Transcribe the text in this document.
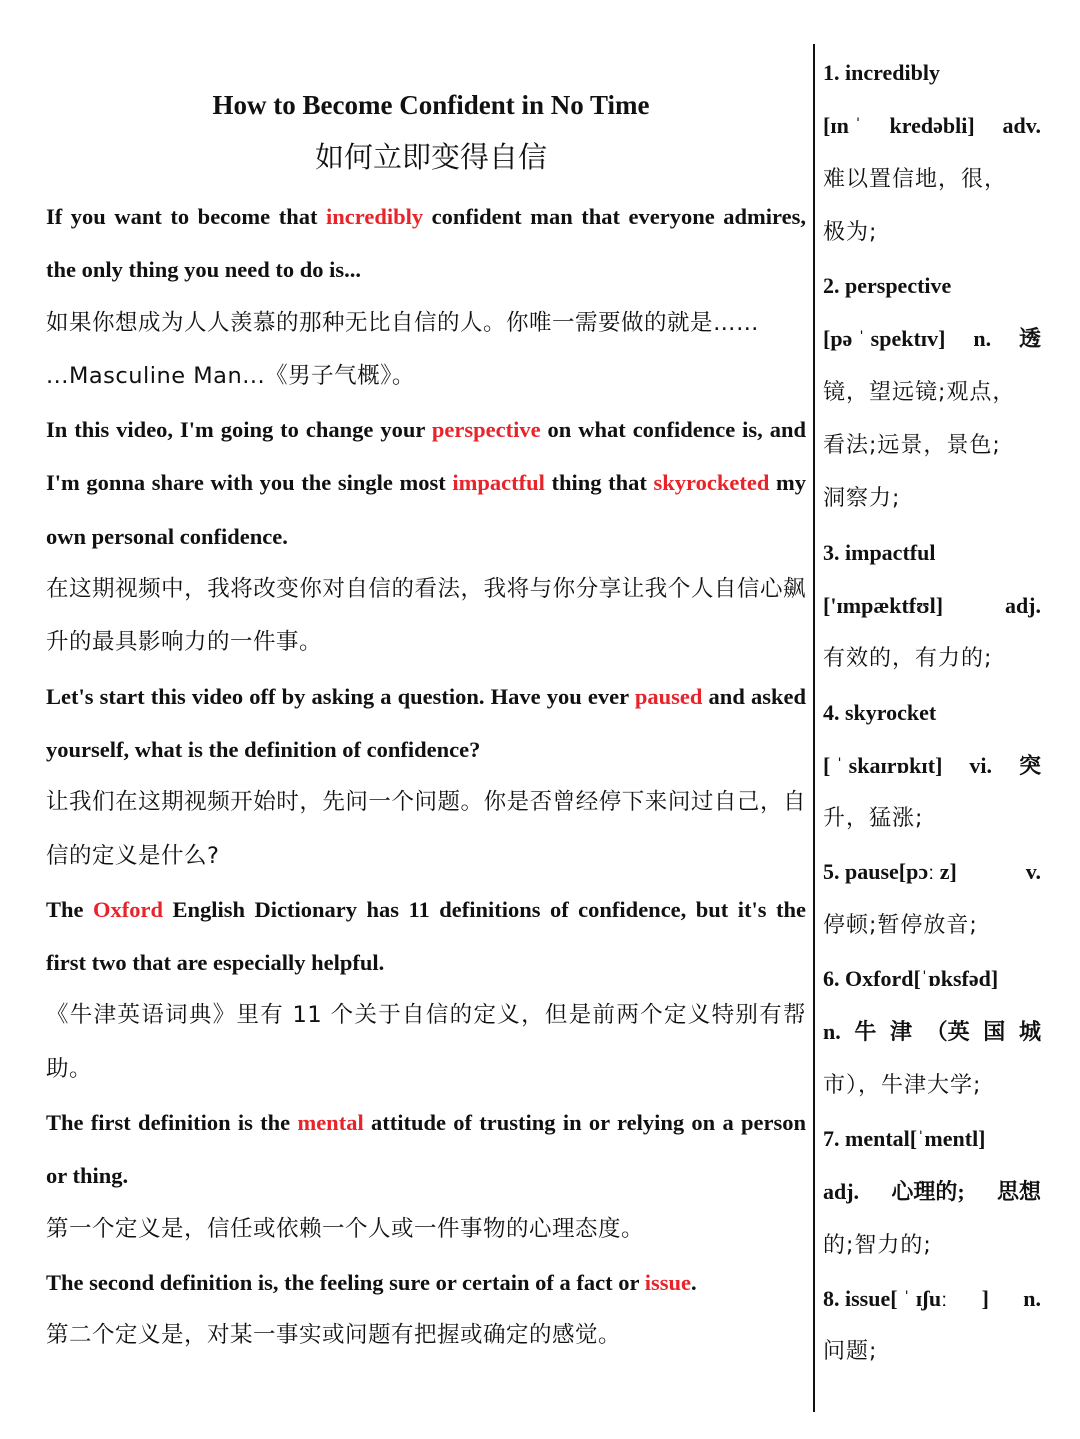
How to Become Confident in No Time
如何立即变得自信

If you want to become that incredibly confident man that everyone admires, the only thing you need to do is...

如果你想成为人人羡慕的那种无比自信的人。你唯一需要做的就是……

...Masculine Man...《男子气概》。

In this video, I'm going to change your perspective on what confidence is, and I'm gonna share with you the single most impactful thing that skyrocketed my own personal confidence.

在这期视频中，我将改变你对自信的看法，我将与你分享让我个人自信心飙升的最具影响力的一件事。

Let's start this video off by asking a question. Have you ever paused and asked yourself, what is the definition of confidence?

让我们在这期视频开始时，先问一个问题。你是否曾经停下来问过自己，自信的定义是什么?

The Oxford English Dictionary has 11 definitions of confidence, but it's the first two that are especially helpful.

《牛津英语词典》里有 11 个关于自信的定义，但是前两个定义特别有帮助。

The first definition is the mental attitude of trusting in or relying on a person or thing.

第一个定义是，信任或依赖一个人或一件事物的心理态度。

The second definition is, the feeling sure or certain of a fact or issue.

第二个定义是，对某一事实或问题有把握或确定的感觉。

1. incredibly
[ɪn ˈ kredəbli] adv.
难以置信地，很，
极为;
2. perspective
[pə ˈ spektɪv] n. 透
镜，望远镜;观点，
看法;远景，景色;
洞察力;
3. impactful
['ɪmpæktfʊl]	adj.
有效的，有力的;
4. skyrocket
[ ˈ skaɪrɒkɪt] vi. 突
升，猛涨;
5. pause[pɔː z]	v.
停顿;暂停放音;
6. Oxford[ˈɒksfəd]
n. 牛 津 （英 国 城
市），牛津大学;
7. mental[ˈmentl]
adj. 心理的; 思想
的;智力的;
8. issue[ ˈ ɪʃuː ] n.
问题;
